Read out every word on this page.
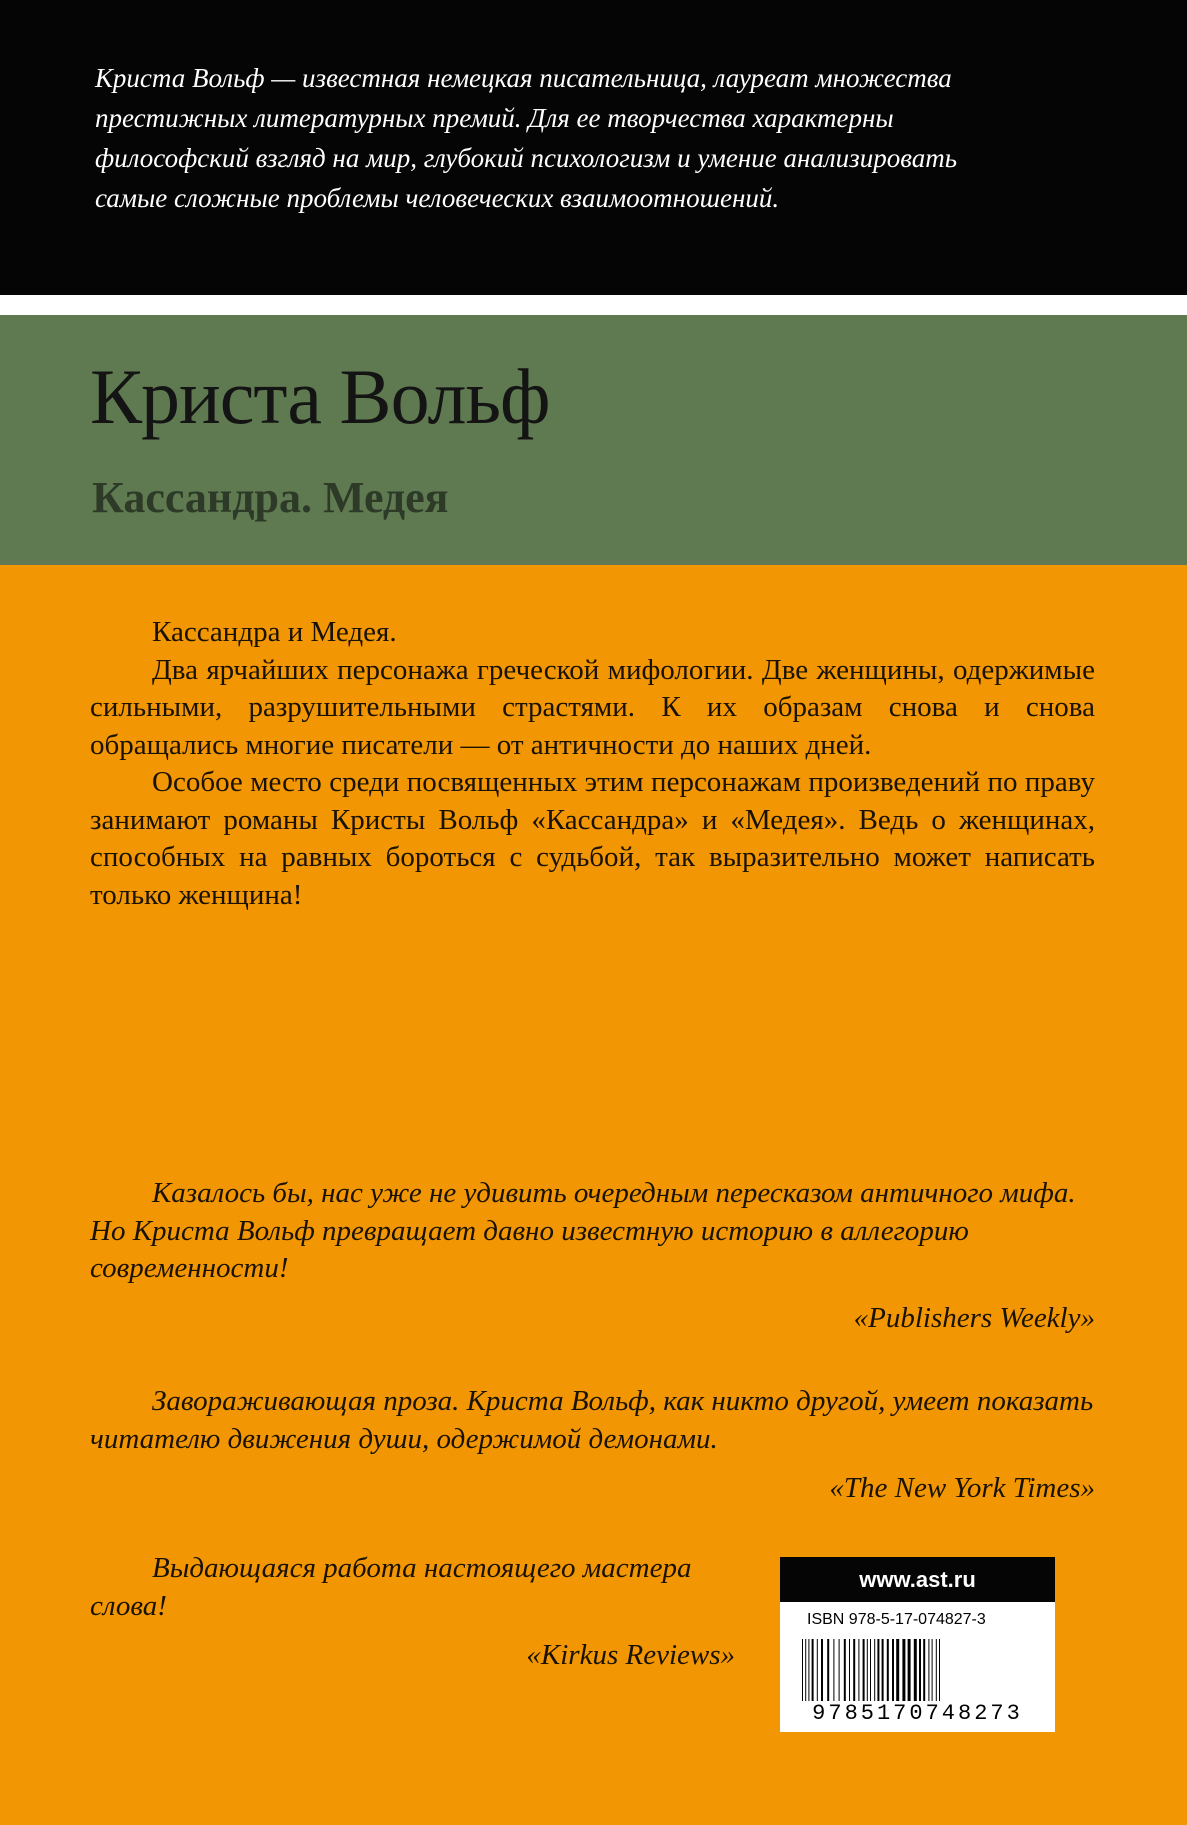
Криста Вольф — известная немецкая писательница, лауреат множества
престижных литературных премий. Для ее творчества характерны
философский взгляд на мир, глубокий психологизм и умение анализировать
самые сложные проблемы человеческих взаимоотношений.

Криста Вольф
Кассандра. Медея

Кассандра и Медея.

Два ярчайших персонажа греческой мифологии. Две женщины, одержимые сильными, разрушительными страстями. К их образам снова и снова обращались многие писатели — от античности до наших дней.

Особое место среди посвященных этим персонажам произведений по праву занимают романы Кристы Вольф «Кассандра» и «Медея». Ведь о женщинах, способных на равных бороться с судьбой, так выразительно может написать только женщина!

Казалось бы, нас уже не удивить очередным пересказом античного мифа. Но Криста Вольф превращает давно известную историю в аллегорию современности!

«Publishers Weekly»

Завораживающая проза. Криста Вольф, как никто другой, умеет показать читателю движения души, одержимой демонами.

«The New York Times»

Выдающаяся работа настоящего мастера слова!

«Kirkus Reviews»
www.ast.ru
ISBN 978-5-17-074827-3
9785170748273
